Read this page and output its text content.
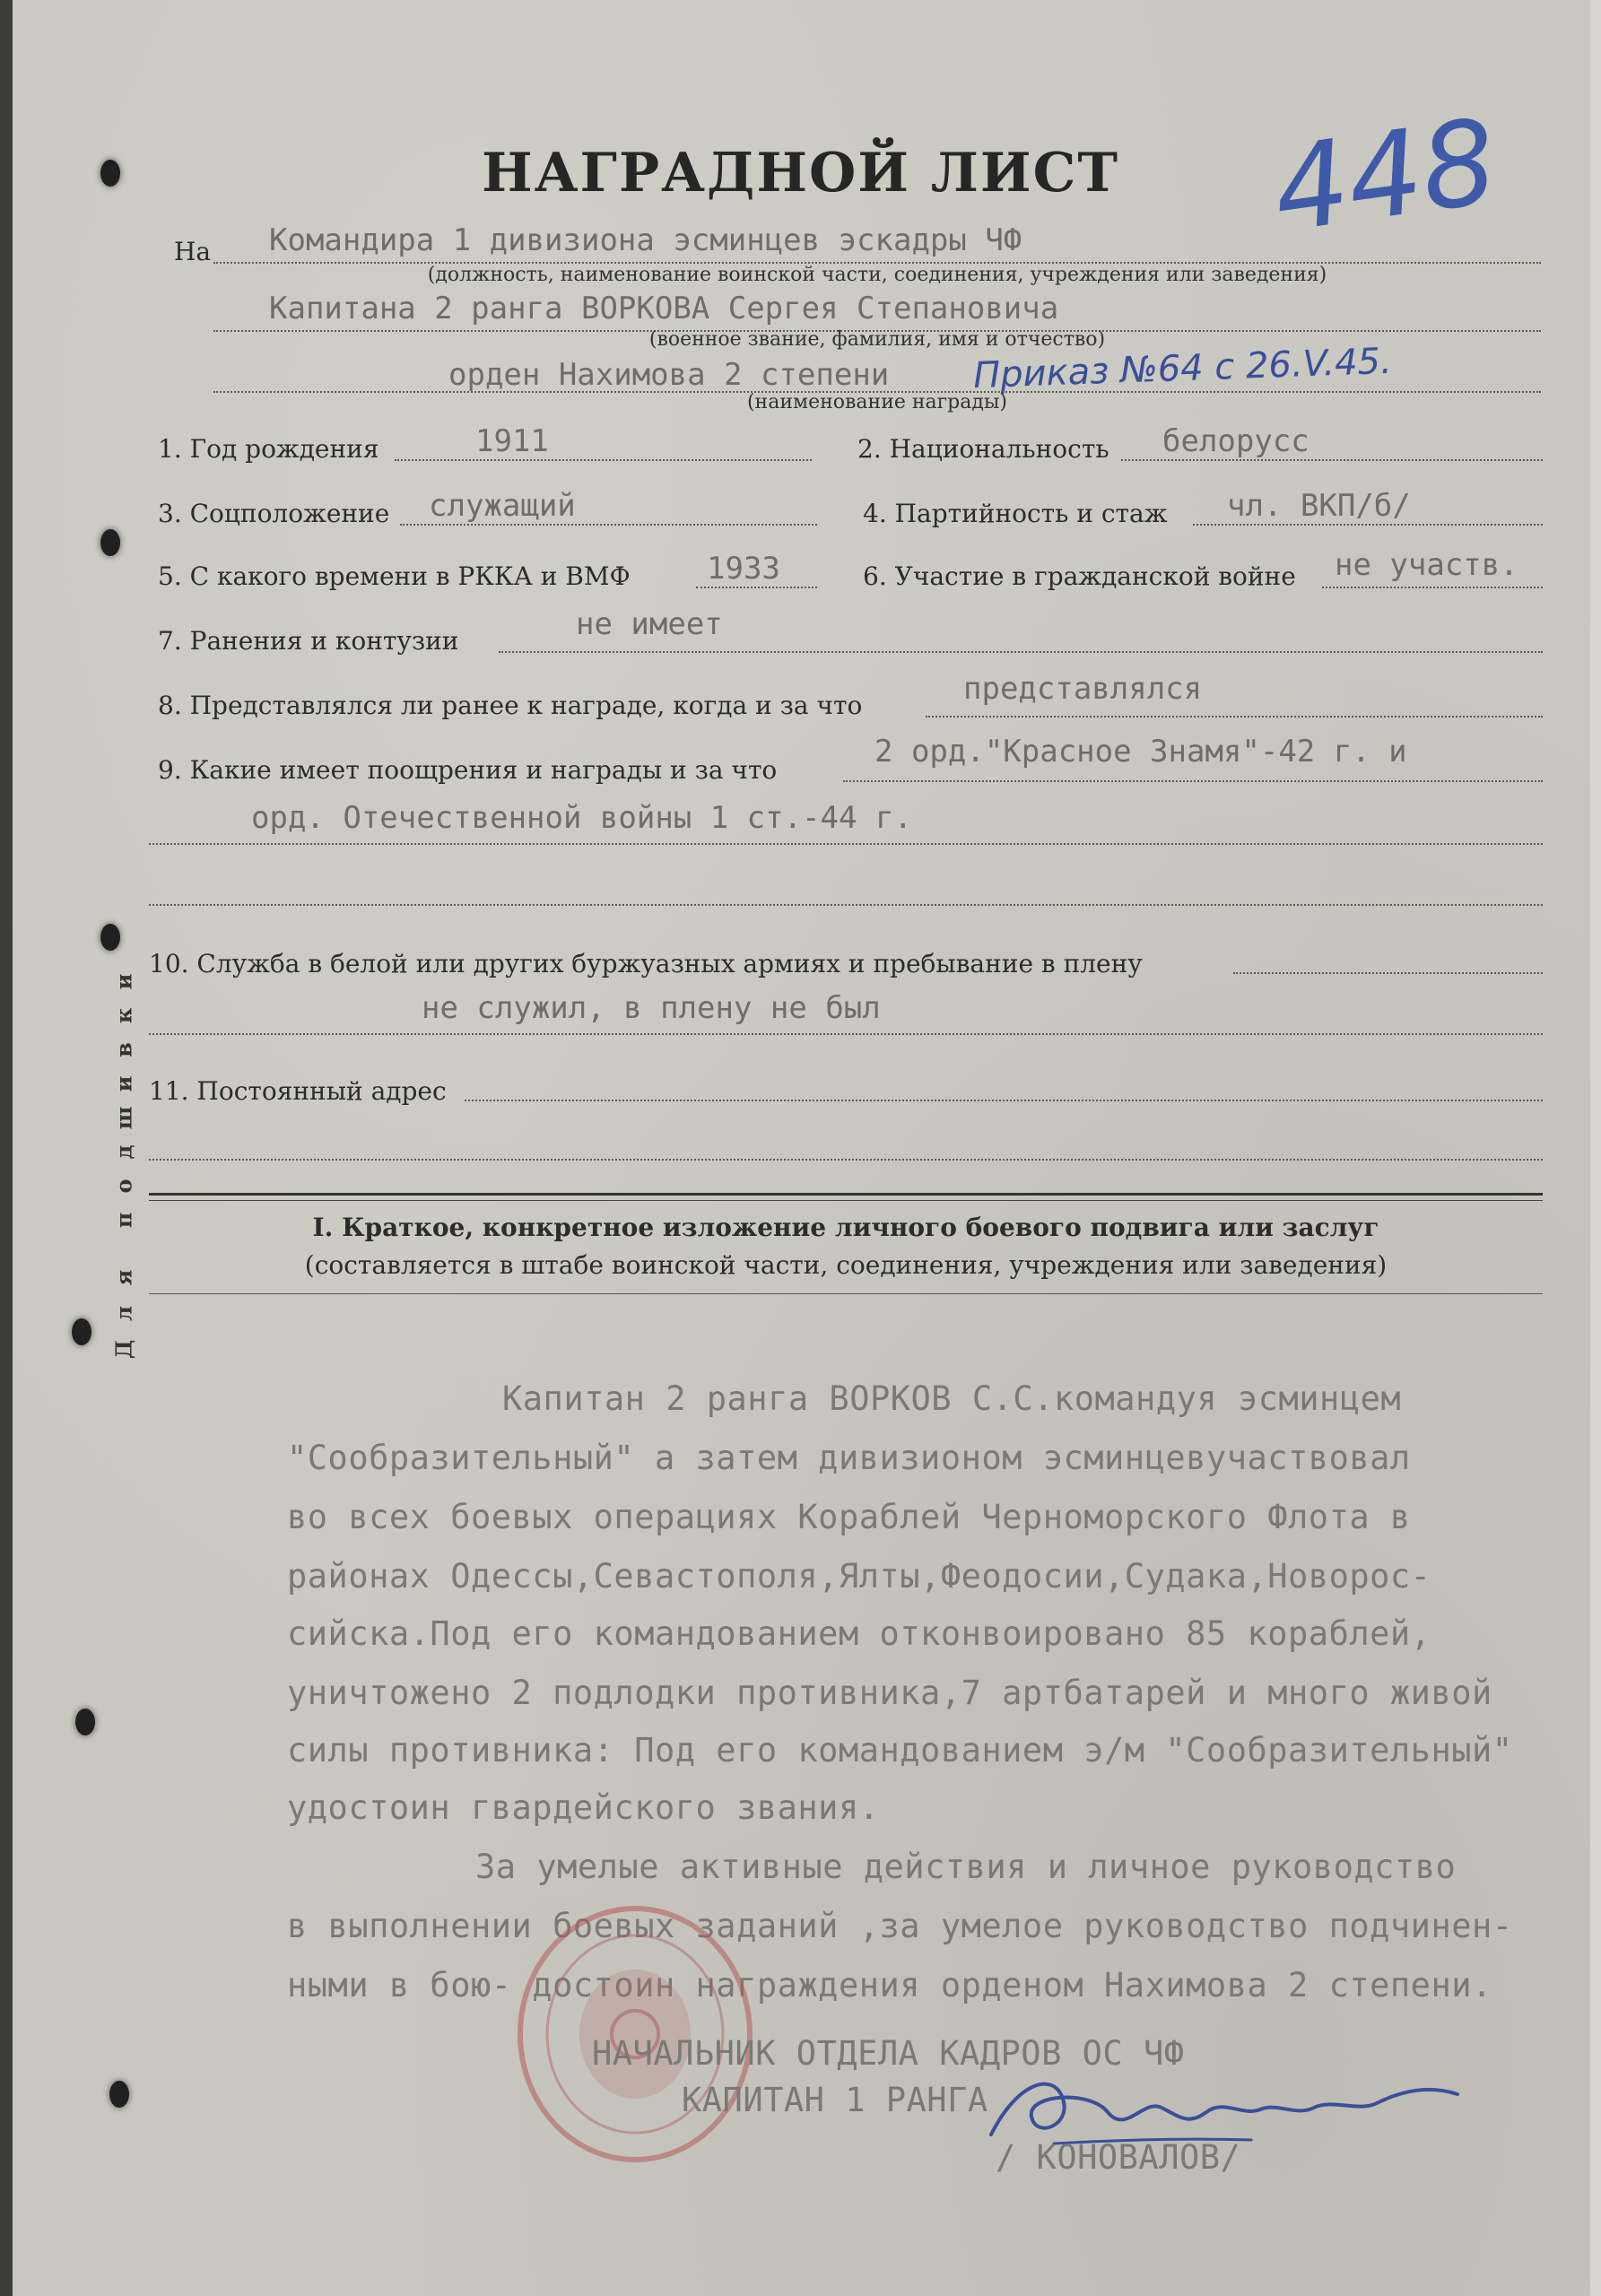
НАГРАДНОЙ ЛИСТ	448
На Командира 1 дивизиона эсминцев эскадры ЧФ
(должность, наименование воинской части, соединения, учреждения или заведения)
Капитана 2 ранга ВОРКОВА Сергея Степановича
(военное звание, фамилия, имя и отчество)
орден Нахимова 2 степени Приказ №64 с 26.V.45.
(наименование награды)
1. Год рождения	1911	2. Национальность белорусс
3. Соцположение служащий	4. Партийность и стаж чл. ВКП/б/
5. С какого времени в РККА и ВМФ	1933	6. Участие в гражданской войне не участв.
7. Ранения и контузии	не имеет
8. Представлялся ли ранее к награде, когда и за что	представлялся
9. Какие имеет поощрения и награды и за что
2 орд."Красное Знамя"-42 г. и
орд. Отечественной войны 1 ст.-44 г.
10. Служба в белой или других буржуазных армиях и пребывание в плену
не служил, в плену не был
11. Постоянный адрес
I. Краткое, конкретное изложение личного боевого подвига или заслуг
(составляется в штабе воинской части, соединения, учреждения или заведения)
и
к
в
и
ш
д
о
п
я
л
Д
Капитан 2 ранга ВОРКОВ С.С.командуя эсминцем
"Сообразительный" а затем дивизионом эсминцевучаствовал
во всех боевых операциях Кораблей Черноморского Флота в
районах Одессы,Севастополя,Ялты,Феодосии,Судака,Новорос-
сийска.Под его командованием отконвоировано 85 кораблей,
уничтожено 2 подлодки противника,7 артбатарей и много живой
силы противника: Под его командованием э/м "Сообразительный"
удостоин гвардейского звания.
За умелые активные действия и личное руководство
в выполнении боевых заданий ,за умелое руководство подчинен-
ными в бою- достоин награждения орденом Нахимова 2 степени.
НАЧАЛЬНИК ОТДЕЛА КАДРОВ ОС ЧФ
КАПИТАН 1 РАНГА
/ КОНОВАЛОВ/
